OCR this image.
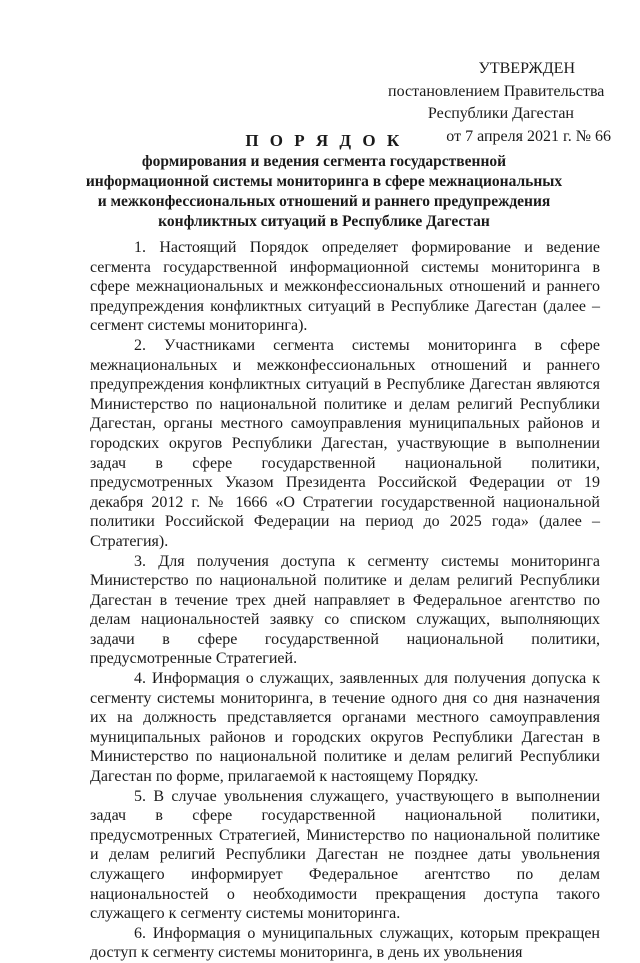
УТВЕРЖДЕН
постановлением Правительства
Республики Дагестан
от 7 апреля 2021 г. № 66
П О Р Я Д О К
формирования и ведения сегмента государственной
информационной системы мониторинга в сфере межнациональных
и межконфессиональных отношений и раннего предупреждения
конфликтных ситуаций в Республике Дагестан

1. Настоящий Порядок определяет формирование и ведение сегмента государственной информационной системы мониторинга в сфере межнациональных и межконфессиональных отношений и раннего предупреждения конфликтных ситуаций в Республике Дагестан (далее – сегмент системы мониторинга).

2. Участниками сегмента системы мониторинга в сфере межнациональных и межконфессиональных отношений и раннего предупреждения конфликтных ситуаций в Республике Дагестан являются Министерство по национальной политике и делам религий Республики Дагестан, органы местного самоуправления муниципальных районов и городских округов Республики Дагестан, участвующие в выполнении задач в сфере государственной национальной политики, предусмотренных Указом Президента Российской Федерации от 19 декабря 2012 г. № 1666 «О Стратегии государственной национальной политики Российской Федерации на период до 2025 года» (далее – Стратегия).

3. Для получения доступа к сегменту системы мониторинга Министерство по национальной политике и делам религий Республики Дагестан в течение трех дней направляет в Федеральное агентство по делам национальностей заявку со списком служащих, выполняющих задачи в сфере государственной национальной политики, предусмотренные Стратегией.

4. Информация о служащих, заявленных для получения допуска к сегменту системы мониторинга, в течение одного дня со дня назначения их на должность представляется органами местного самоуправления муниципальных районов и городских округов Республики Дагестан в Министерство по национальной политике и делам религий Республики Дагестан по форме, прилагаемой к настоящему Порядку.

5. В случае увольнения служащего, участвующего в выполнении задач в сфере государственной национальной политики, предусмотренных Стратегией, Министерство по национальной политике и делам религий Республики Дагестан не позднее даты увольнения служащего информирует Федеральное агентство по делам национальностей о необходимости прекращения доступа такого служащего к сегменту системы мониторинга.

6. Информация о муниципальных служащих, которым прекращен доступ к сегменту системы мониторинга, в день их увольнения
